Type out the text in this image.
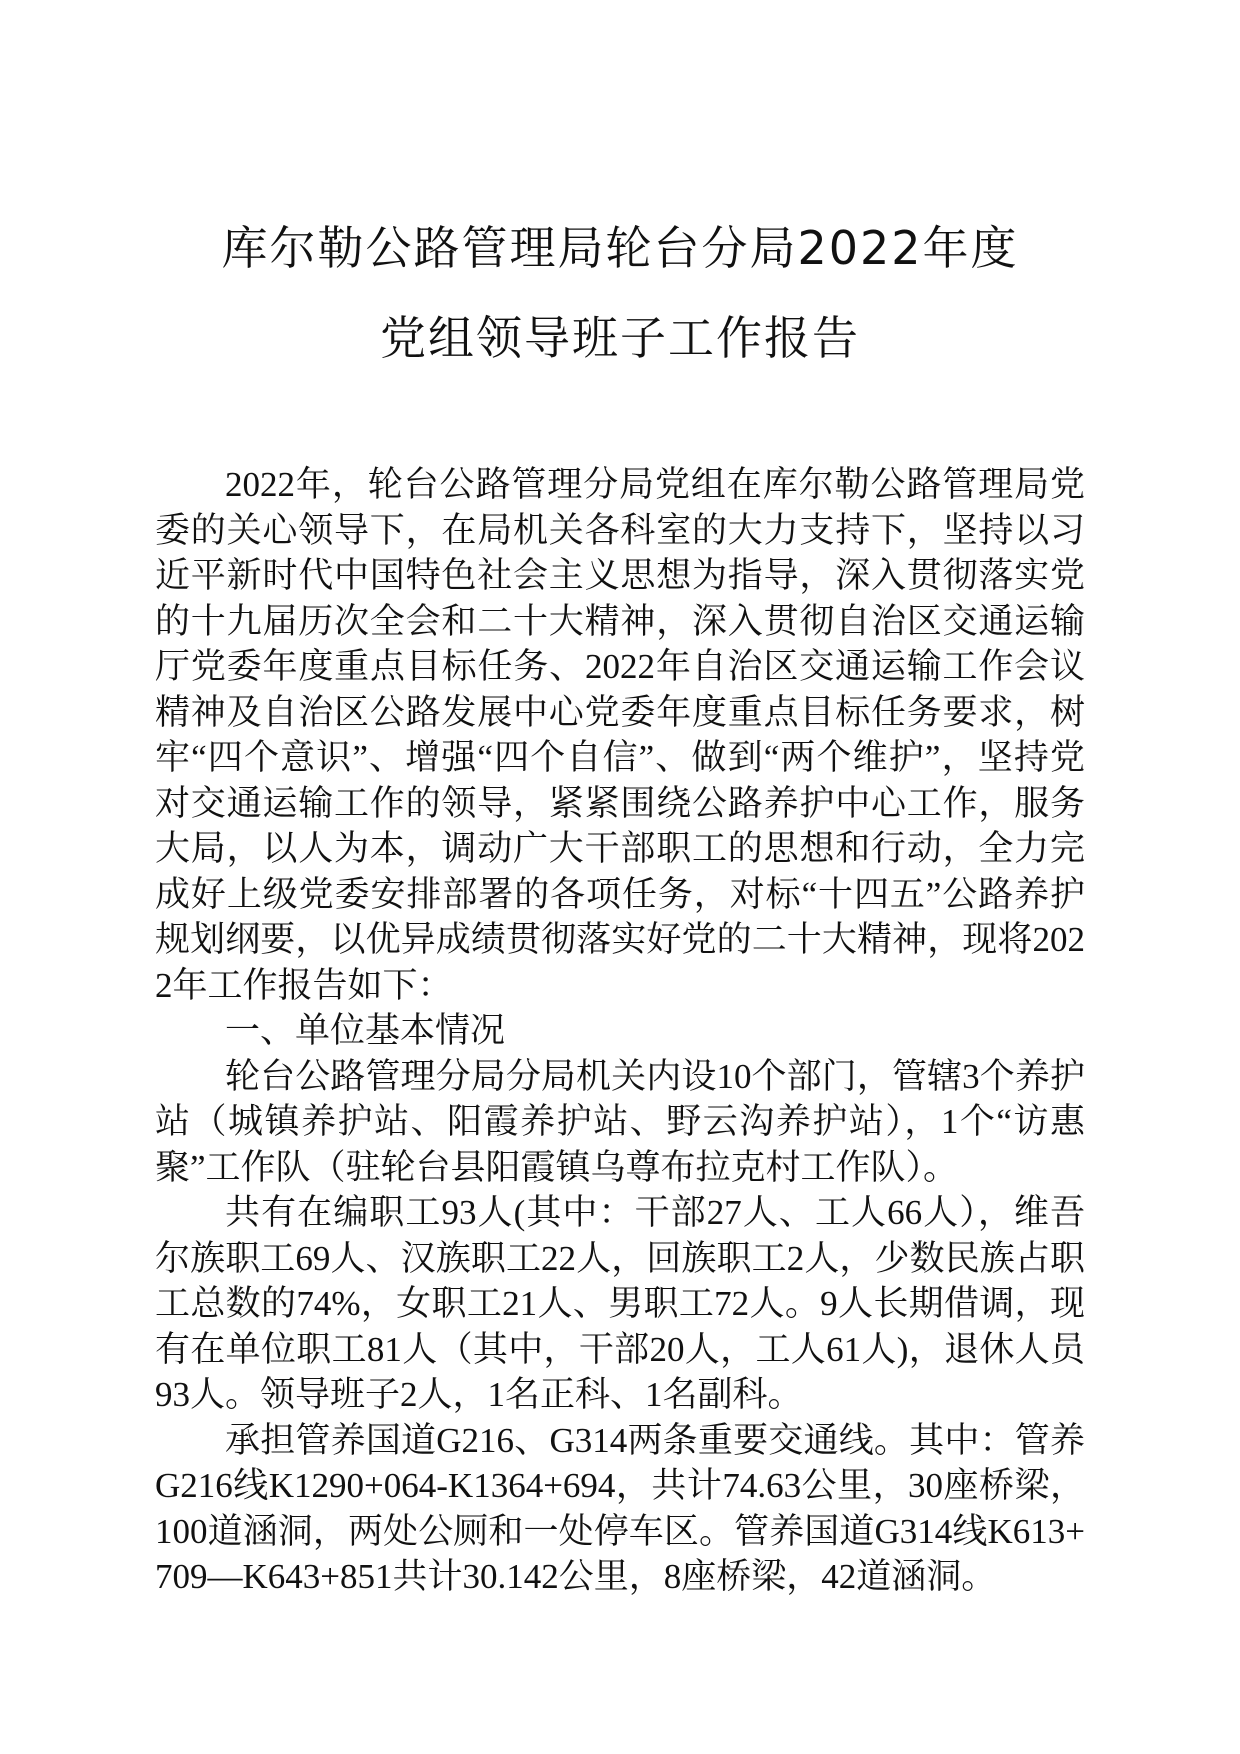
库尔勒公路管理局轮台分局2022年度
党组领导班子工作报告

2022年，轮台公路管理分局党组在库尔勒公路管理局党委的关心领导下，在局机关各科室的大力支持下，坚持以习近平新时代中国特色社会主义思想为指导，深入贯彻落实党的十九届历次全会和二十大精神，深入贯彻自治区交通运输厅党委年度重点目标任务、2022年自治区交通运输工作会议精神及自治区公路发展中心党委年度重点目标任务要求，树牢“四个意识”、增强“四个自信”、做到“两个维护”，坚持党对交通运输工作的领导，紧紧围绕公路养护中心工作，服务大局，以人为本，调动广大干部职工的思想和行动，全力完成好上级党委安排部署的各项任务，对标“十四五”公路养护规划纲要，以优异成绩贯彻落实好党的二十大精神，现将2022年工作报告如下：

一、单位基本情况

轮台公路管理分局分局机关内设10个部门，管辖3个养护站（城镇养护站、阳霞养护站、野云沟养护站），1个“访惠聚”工作队（驻轮台县阳霞镇乌尊布拉克村工作队）。

共有在编职工93人(其中：干部27人、工人66人），维吾尔族职工69人、汉族职工22人，回族职工2人，少数民族占职工总数的74%，女职工21人、男职工72人。9人长期借调，现有在单位职工81人（其中，干部20人，工人61人)，退休人员93人。领导班子2人，1名正科、1名副科。

承担管养国道G216、G314两条重要交通线。其中：管养G216线K1290+064-K1364+694，共计74.63公里，30座桥梁，100道涵洞，两处公厕和一处停车区。管养国道G314线K613+709—K643+851共计30.142公里，8座桥梁，42道涵洞。
